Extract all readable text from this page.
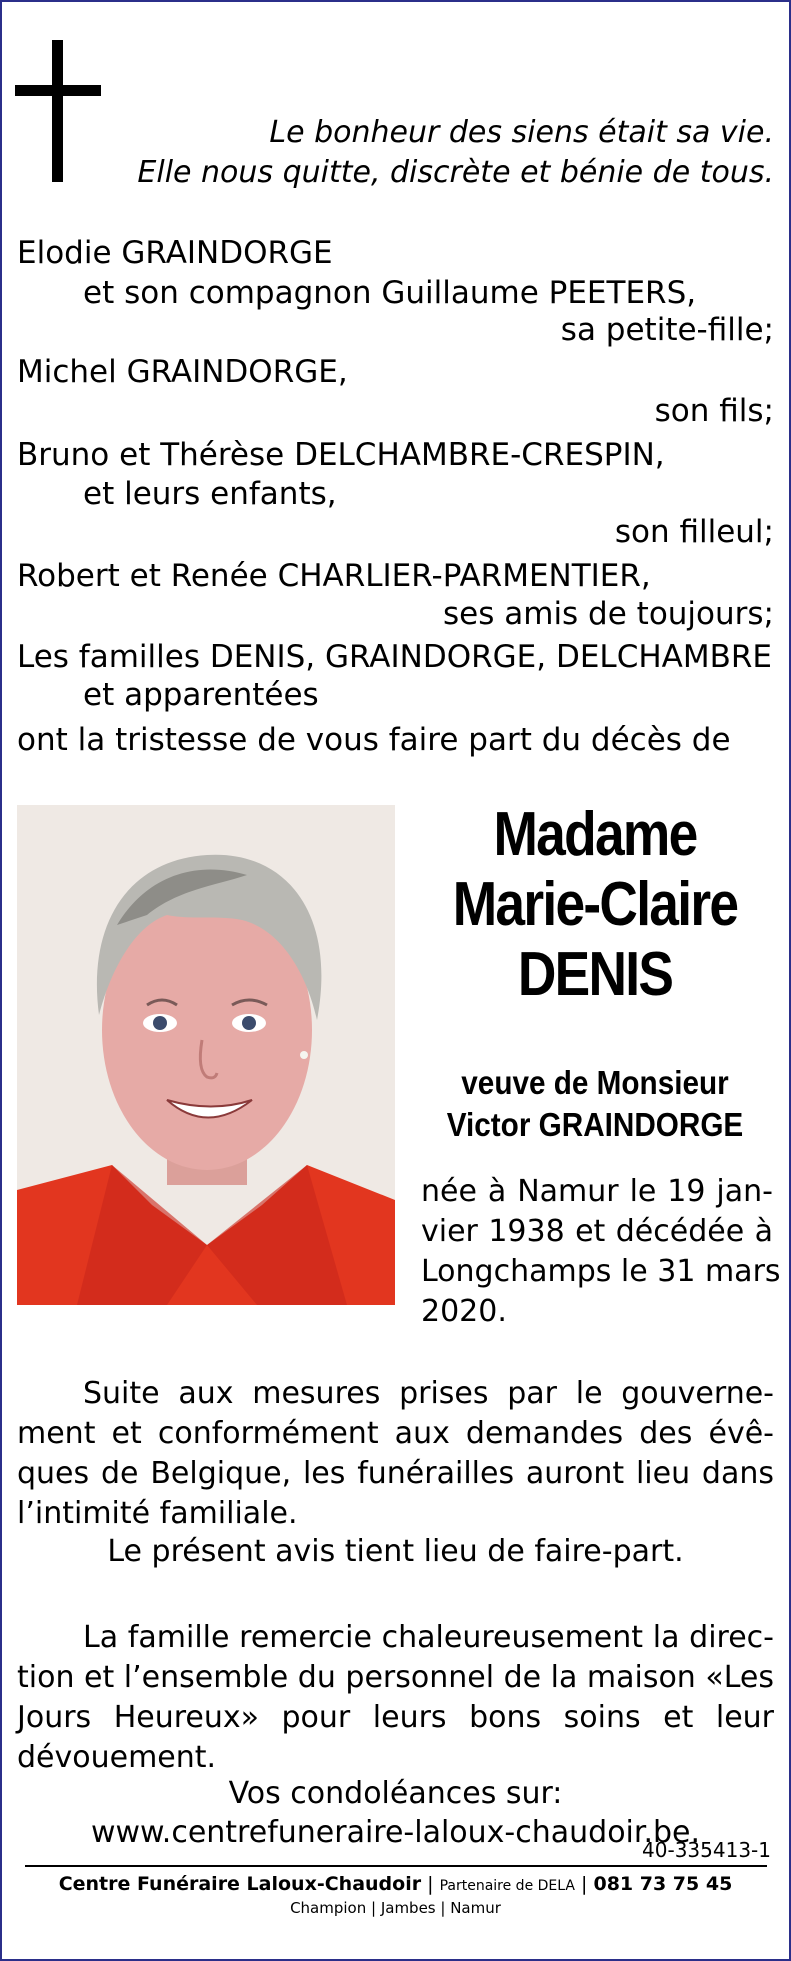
Le bonheur des siens était sa vie.
Elle nous quitte, discrète et bénie de tous.
Elodie GRAINDORGE
et son compagnon Guillaume PEETERS,
sa petite-fille;
Michel GRAINDORGE,
son fils;
Bruno et Thérèse DELCHAMBRE-CRESPIN,
et leurs enfants,
son filleul;
Robert et Renée CHARLIER-PARMENTIER,
ses amis de toujours;
Les familles DENIS, GRAINDORGE, DELCHAMBRE
et apparentées
ont la tristesse de vous faire part du décès de
Madame
Marie-Claire
DENIS
veuve de Monsieur
Victor GRAINDORGE
née à Namur le 19 jan-
vier 1938 et décédée à
Longchamps le 31 mars
2020.
Suite aux mesures prises par le gouverne-
ment et conformément aux demandes des évê-
ques de Belgique, les funérailles auront lieu dans
l’intimité familiale.
Le présent avis tient lieu de faire-part.
La famille remercie chaleureusement la direc-
tion et l’ensemble du personnel de la maison «Les
Jours Heureux» pour leurs bons soins et leur
dévouement.
Vos condoléances sur:
www.centrefuneraire-laloux-chaudoir.be.
40-335413-1
Centre Funéraire Laloux-Chaudoir | Partenaire de DELA | 081 73 75 45
Champion | Jambes | Namur
